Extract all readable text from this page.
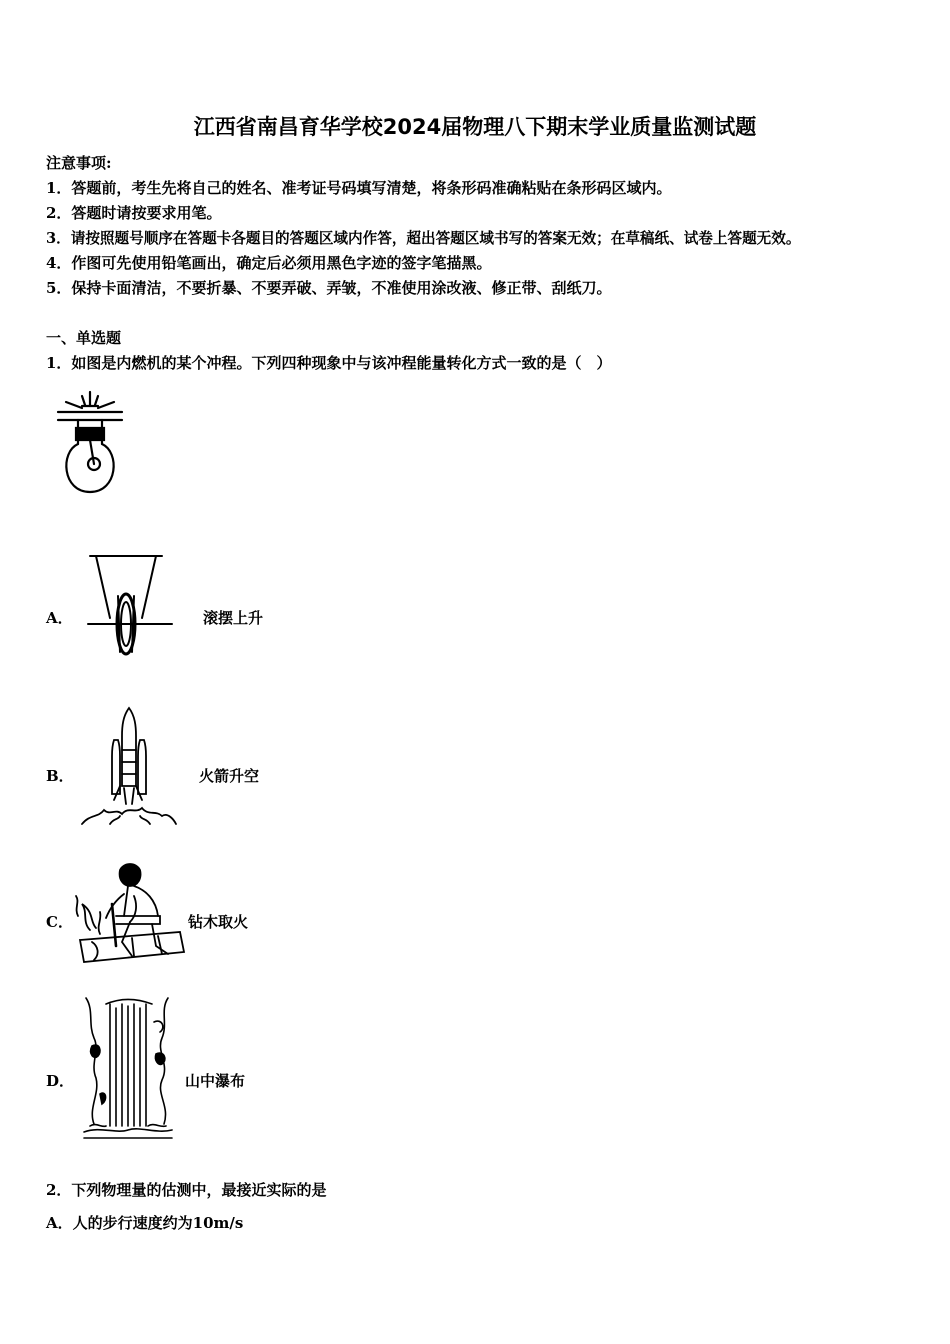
江西省南昌育华学校2024届物理八下期末学业质量监测试题
注意事项:
1．答题前，考生先将自己的姓名、准考证号码填写清楚，将条形码准确粘贴在条形码区域内。
2．答题时请按要求用笔。
3．请按照题号顺序在答题卡各题目的答题区域内作答，超出答题区域书写的答案无效；在草稿纸、试卷上答题无效。
4．作图可先使用铅笔画出，确定后必须用黑色字迹的签字笔描黑。
5．保持卡面清洁，不要折暴、不要弄破、弄皱，不准使用涂改液、修正带、刮纸刀。
一、单选题
1．如图是内燃机的某个冲程。下列四种现象中与该冲程能量转化方式一致的是（　）
A．	滚摆上升
B．	火箭升空
C．	钻木取火
D．	山中瀑布
2．下列物理量的估测中，最接近实际的是
A．人的步行速度约为10m/s
